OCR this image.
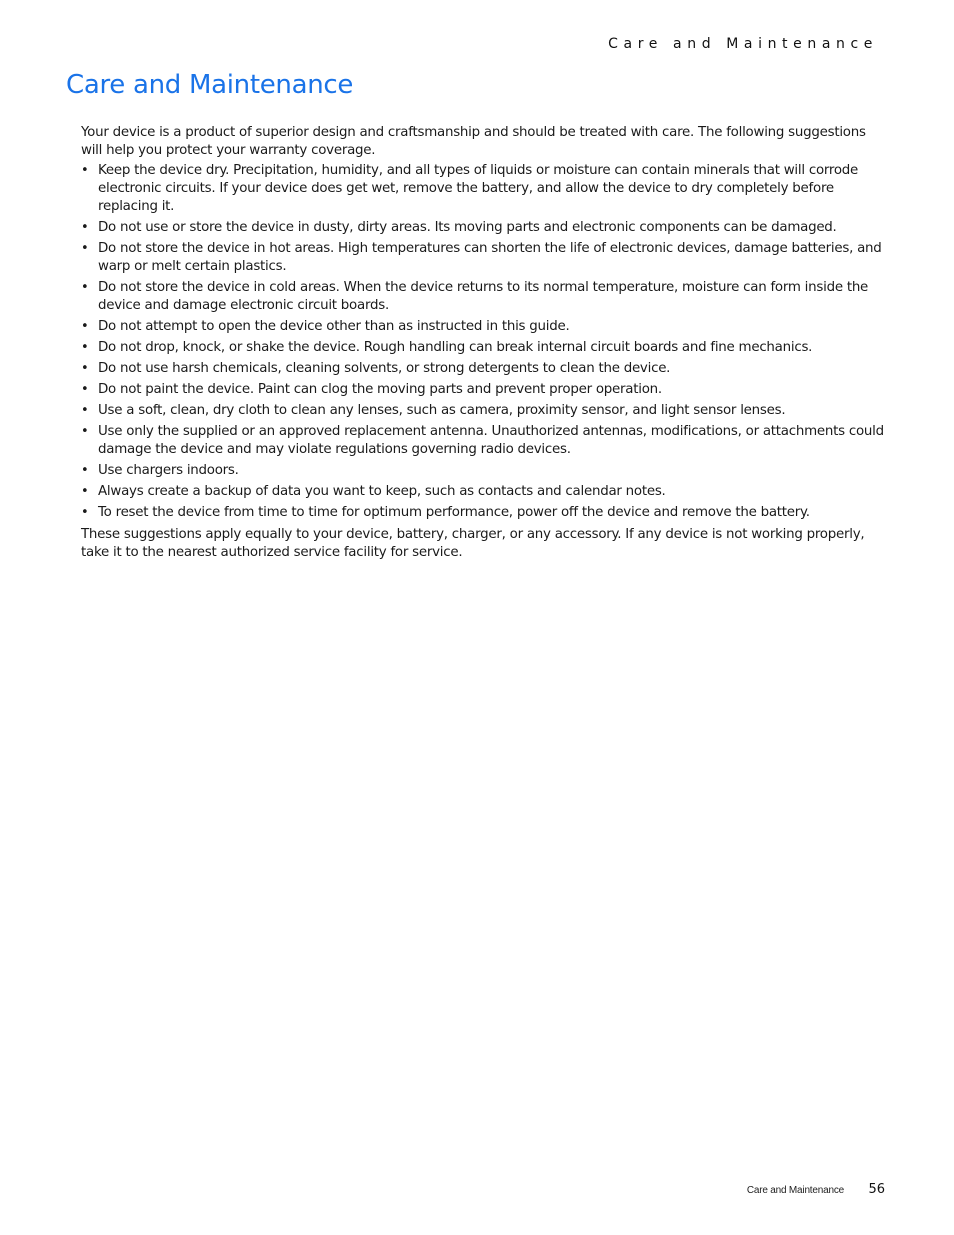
Care and Maintenance
Care and Maintenance

Your device is a product of superior design and craftsmanship and should be treated with care. The following suggestions will help you protect your warranty coverage.

• Keep the device dry. Precipitation, humidity, and all types of liquids or moisture can contain minerals that will corrode electronic circuits. If your device does get wet, remove the battery, and allow the device to dry completely before replacing it.
• Do not use or store the device in dusty, dirty areas. Its moving parts and electronic components can be damaged.
• Do not store the device in hot areas. High temperatures can shorten the life of electronic devices, damage batteries, and warp or melt certain plastics.
• Do not store the device in cold areas. When the device returns to its normal temperature, moisture can form inside the device and damage electronic circuit boards.
• Do not attempt to open the device other than as instructed in this guide.
• Do not drop, knock, or shake the device. Rough handling can break internal circuit boards and fine mechanics.
• Do not use harsh chemicals, cleaning solvents, or strong detergents to clean the device.
• Do not paint the device. Paint can clog the moving parts and prevent proper operation.
• Use a soft, clean, dry cloth to clean any lenses, such as camera, proximity sensor, and light sensor lenses.
• Use only the supplied or an approved replacement antenna. Unauthorized antennas, modifications, or attachments could damage the device and may violate regulations governing radio devices.
• Use chargers indoors.
• Always create a backup of data you want to keep, such as contacts and calendar notes.
• To reset the device from time to time for optimum performance, power off the device and remove the battery.

These suggestions apply equally to your device, battery, charger, or any accessory. If any device is not working properly, take it to the nearest authorized service facility for service.

Care and Maintenance 56
